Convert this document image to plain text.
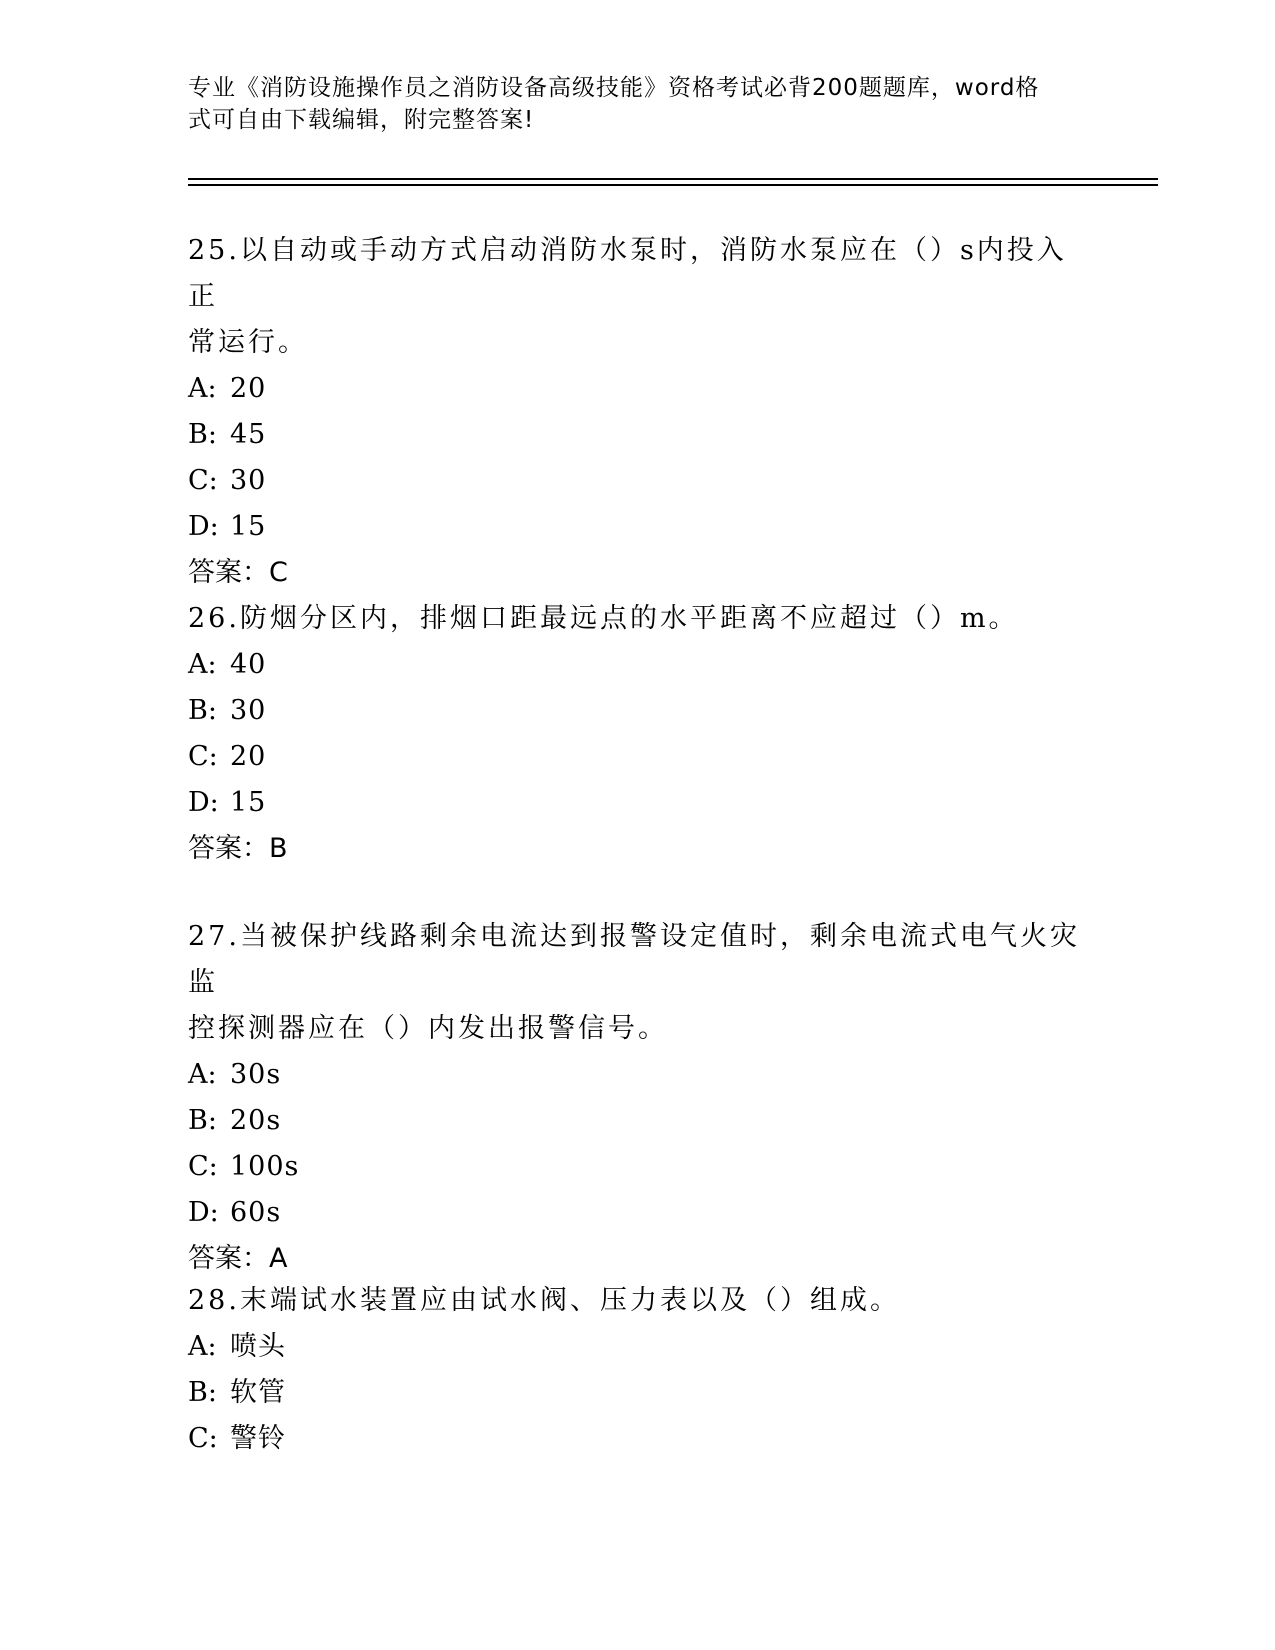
专业《消防设施操作员之消防设备高级技能》资格考试必背200题题库，word格
式可自由下载编辑，附完整答案!
25.以自动或手动方式启动消防水泵时，消防水泵应在（）s内投入正
常运行。
A: 20
B: 45
C: 30
D: 15
答案：C
26.防烟分区内，排烟口距最远点的水平距离不应超过（）m。
A: 40
B: 30
C: 20
D: 15
答案：B
27.当被保护线路剩余电流达到报警设定值时，剩余电流式电气火灾监
控探测器应在（）内发出报警信号。
A: 30s
B: 20s
C: 100s
D: 60s
答案：A
28.末端试水装置应由试水阀、压力表以及（）组成。
A: 喷头
B: 软管
C: 警铃
